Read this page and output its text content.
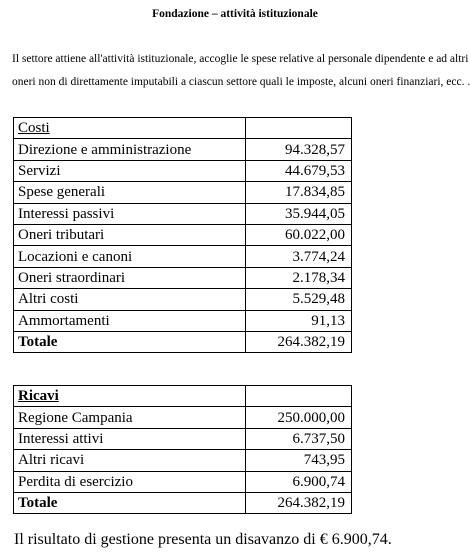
Fondazione – attività istituzionale

Il settore attiene all'attività istituzionale, accoglie le spese relative al personale dipendente e ad altri

oneri non di direttamente imputabili a ciascun settore quali le imposte, alcuni oneri finanziari, ecc. .

Costi	
Direzione e amministrazione	94.328,57
Servizi	44.679,53
Spese generali	17.834,85
Interessi passivi	35.944,05
Oneri tributari	60.022,00
Locazioni e canoni	3.774,24
Oneri straordinari	2.178,34
Altri costi	5.529,48
Ammortamenti	91,13
Totale	264.382,19
Ricavi	
Regione Campania	250.000,00
Interessi attivi	6.737,50
Altri ricavi	743,95
Perdita di esercizio	6.900,74
Totale	264.382,19
Il risultato di gestione presenta un disavanzo di € 6.900,74.
